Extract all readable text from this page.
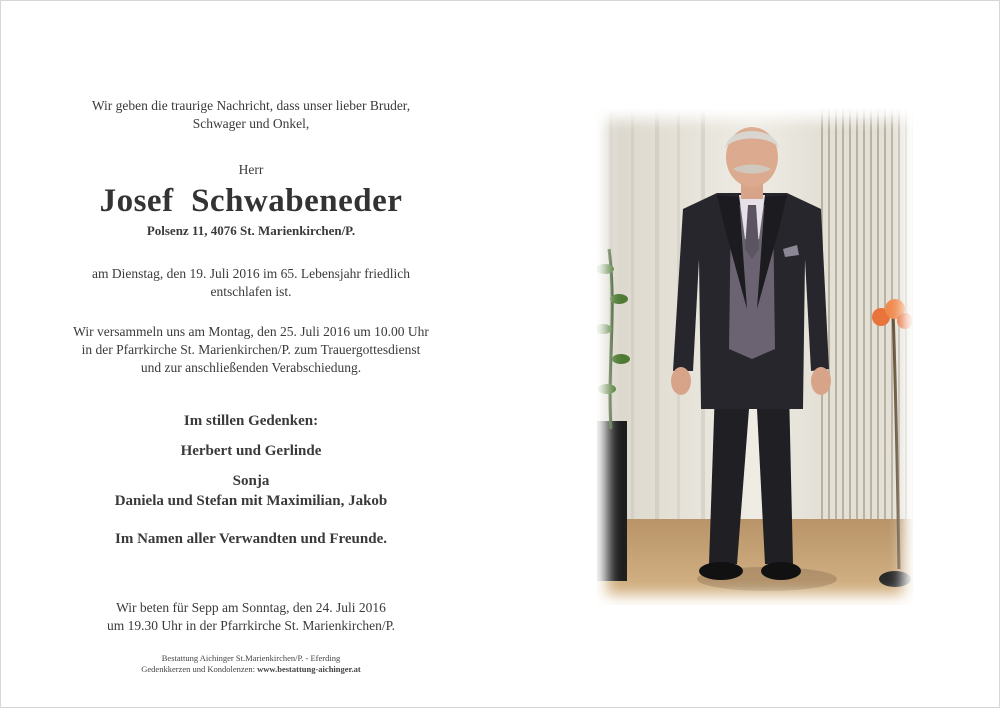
Wir geben die traurige Nachricht, dass unser lieber Bruder,
Schwager und Onkel,

Herr

Josef  Schwabeneder
Polsenz 11, 4076 St. Marienkirchen/P.

am Dienstag, den 19. Juli 2016 im 65. Lebensjahr friedlich
entschlafen ist.

Wir versammeln uns am Montag, den 25. Juli 2016 um 10.00 Uhr
in der Pfarrkirche St. Marienkirchen/P. zum Trauergottesdienst
und zur anschließenden Verabschiedung.

Im stillen Gedenken:
Herbert und Gerlinde
Sonja
Daniela und Stefan mit Maximilian, Jakob
Im Namen aller Verwandten und Freunde.

Wir beten für Sepp am Sonntag, den 24. Juli 2016
um 19.30 Uhr in der Pfarrkirche St. Marienkirchen/P.

Bestattung Aichinger St.Marienkirchen/P. - Eferding
Gedenkkerzen und Kondolenzen: www.bestattung-aichinger.at
